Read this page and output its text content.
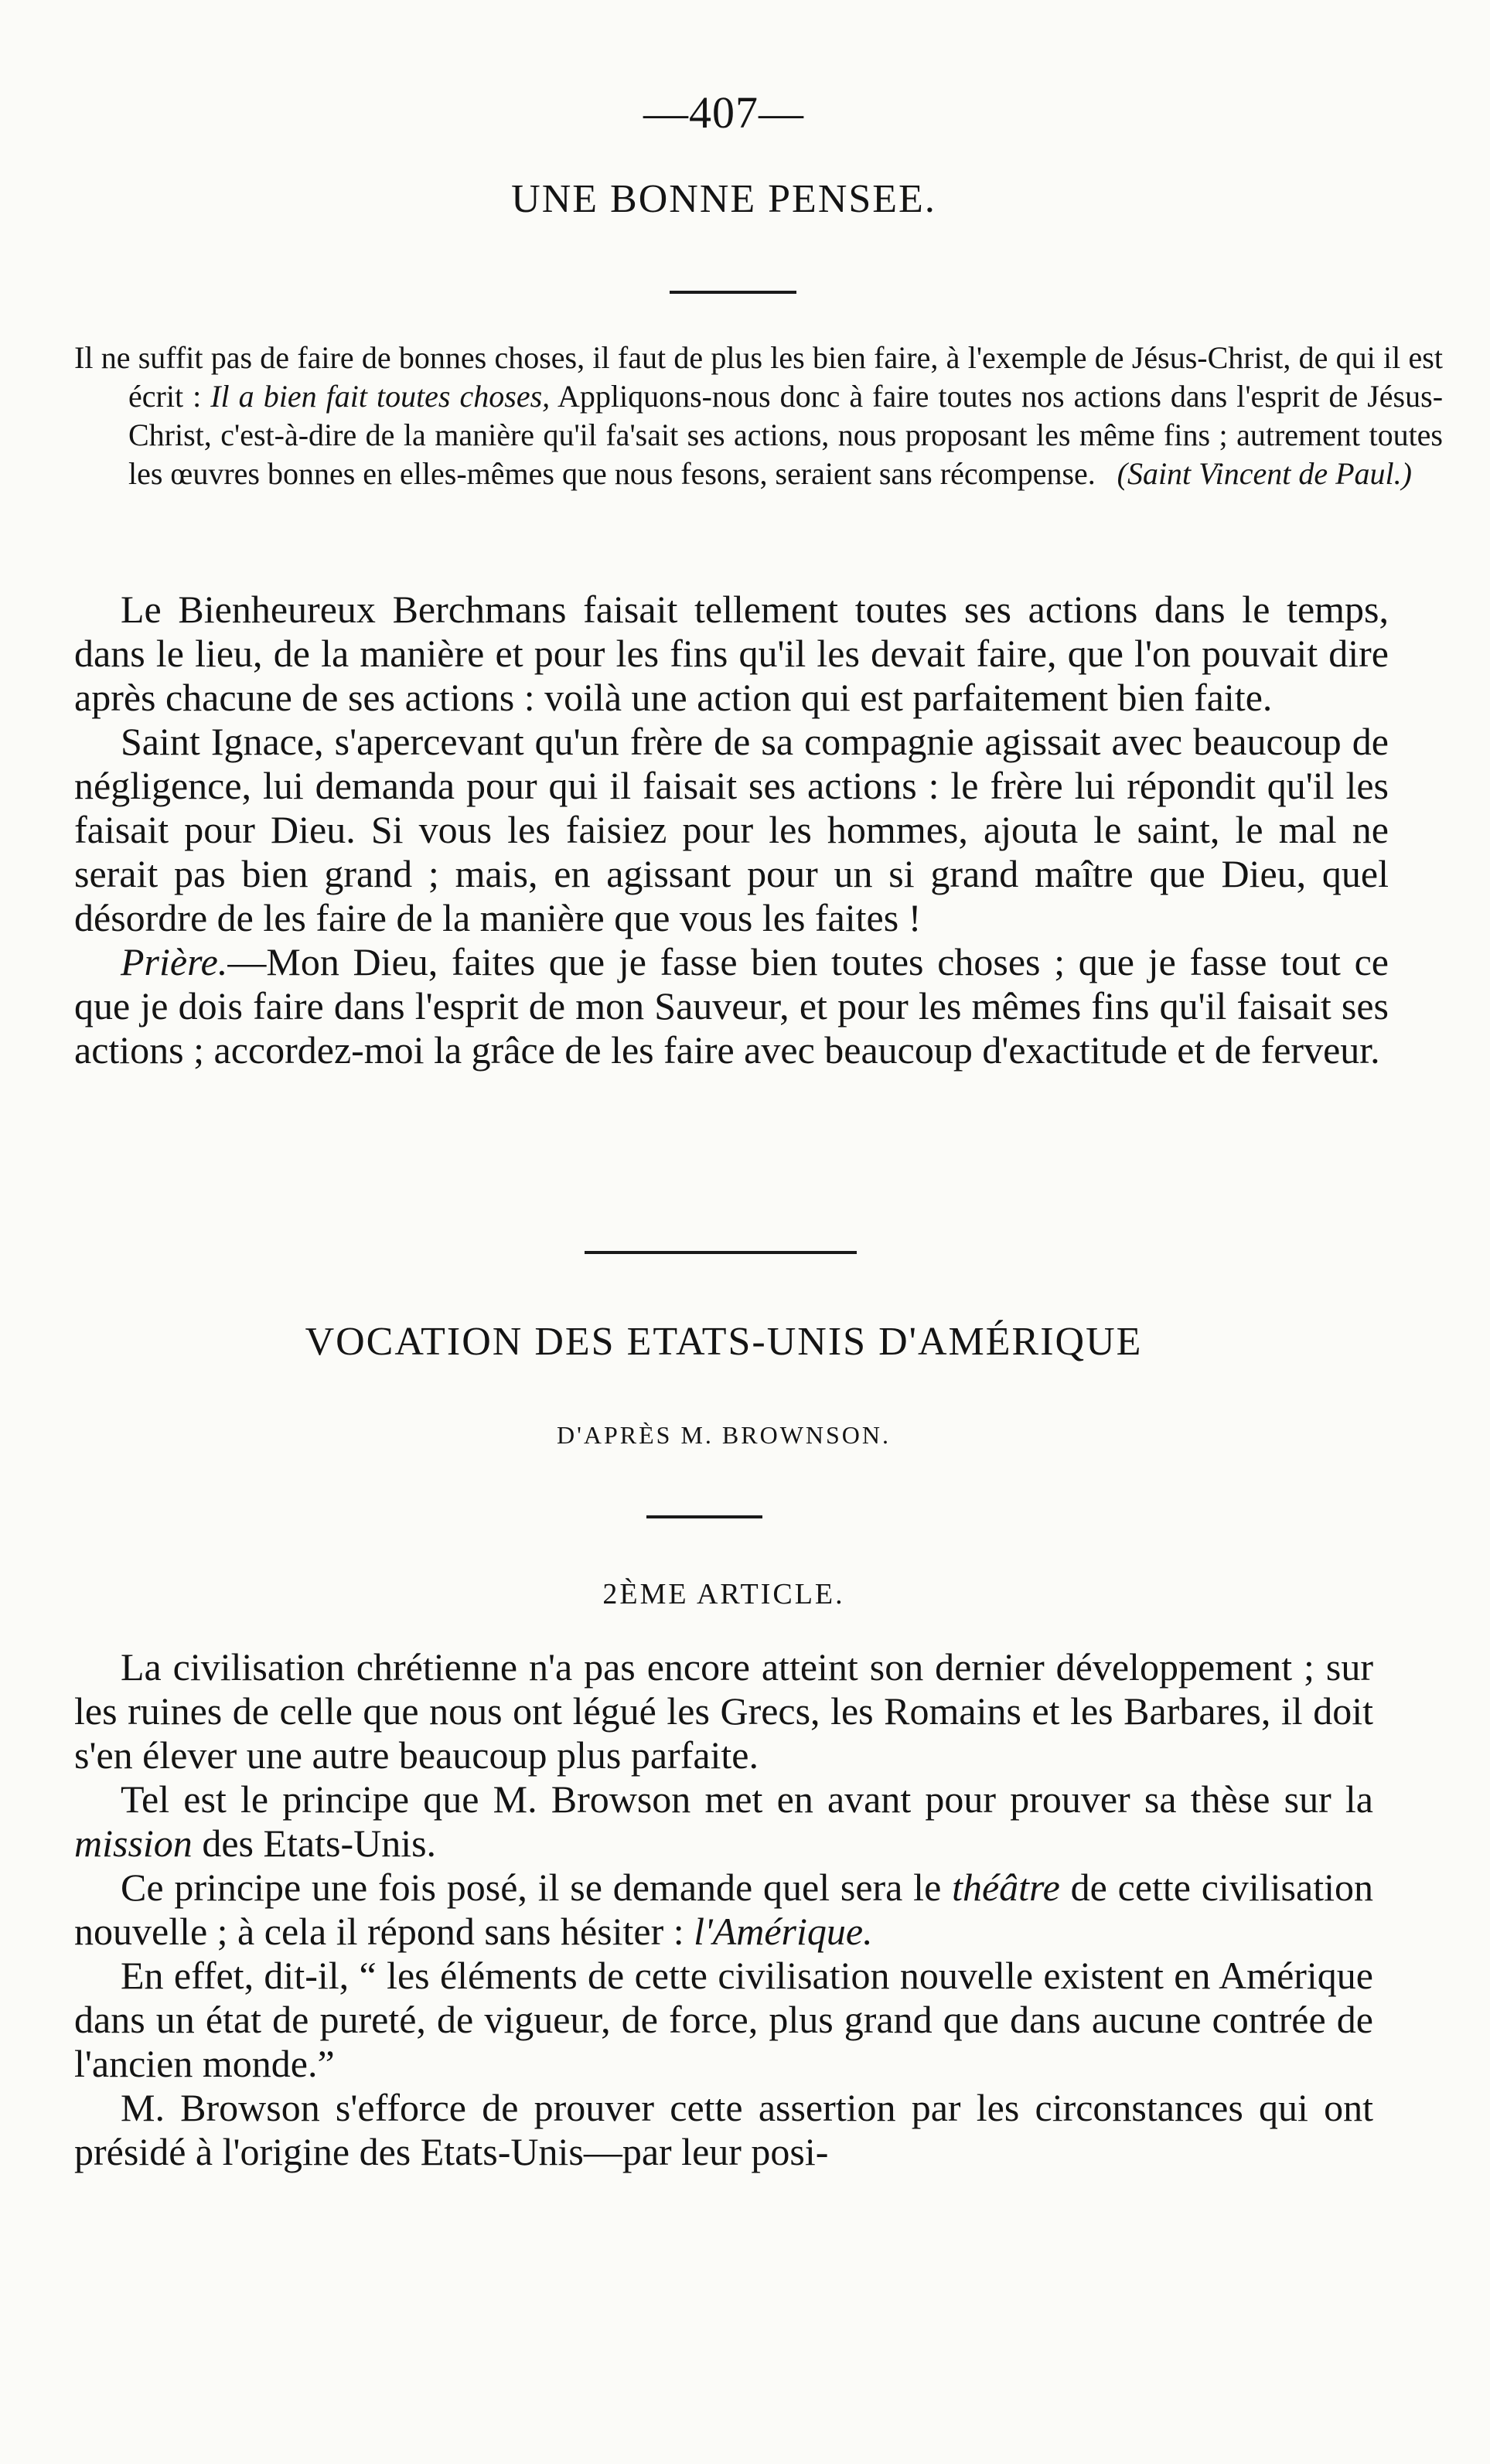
—407—
UNE BONNE PENSEE.
Il ne suffit pas de faire de bonnes choses, il faut de plus les bien faire, à l'exemple de Jésus-Christ, de qui il est écrit : Il a bien fait toutes choses, Appliquons-nous donc à faire toutes nos actions dans l'esprit de Jésus-Christ, c'est-à-dire de la manière qu'il fa'sait ses actions, nous proposant les même fins ; autrement toutes les œuvres bonnes en elles-mêmes que nous fesons, seraient sans récompense. (Saint Vincent de Paul.)

Le Bienheureux Berchmans faisait tellement toutes ses actions dans le temps, dans le lieu, de la manière et pour les fins qu'il les devait faire, que l'on pouvait dire après chacune de ses actions : voilà une action qui est parfaitement bien faite.

Saint Ignace, s'apercevant qu'un frère de sa compagnie agissait avec beaucoup de négligence, lui demanda pour qui il faisait ses actions : le frère lui répondit qu'il les faisait pour Dieu. Si vous les faisiez pour les hommes, ajouta le saint, le mal ne serait pas bien grand ; mais, en agissant pour un si grand maître que Dieu, quel désordre de les faire de la manière que vous les faites !

Prière.—Mon Dieu, faites que je fasse bien toutes choses ; que je fasse tout ce que je dois faire dans l'esprit de mon Sauveur, et pour les mêmes fins qu'il faisait ses actions ; accordez-moi la grâce de les faire avec beaucoup d'exactitude et de ferveur.

VOCATION DES ETATS-UNIS D'AMÉRIQUE
D'APRÈS M. BROWNSON.
2ÈME ARTICLE.

La civilisation chrétienne n'a pas encore atteint son dernier développement ; sur les ruines de celle que nous ont légué les Grecs, les Romains et les Barbares, il doit s'en élever une autre beaucoup plus parfaite.

Tel est le principe que M. Browson met en avant pour prouver sa thèse sur la mission des Etats-Unis.

Ce principe une fois posé, il se demande quel sera le théâtre de cette civilisation nouvelle ; à cela il répond sans hésiter : l'Amérique.

En effet, dit-il, “ les éléments de cette civilisation nouvelle existent en Amérique dans un état de pureté, de vigueur, de force, plus grand que dans aucune contrée de l'ancien monde.”

M. Browson s'efforce de prouver cette assertion par les circonstances qui ont présidé à l'origine des Etats-Unis—par leur posi-
